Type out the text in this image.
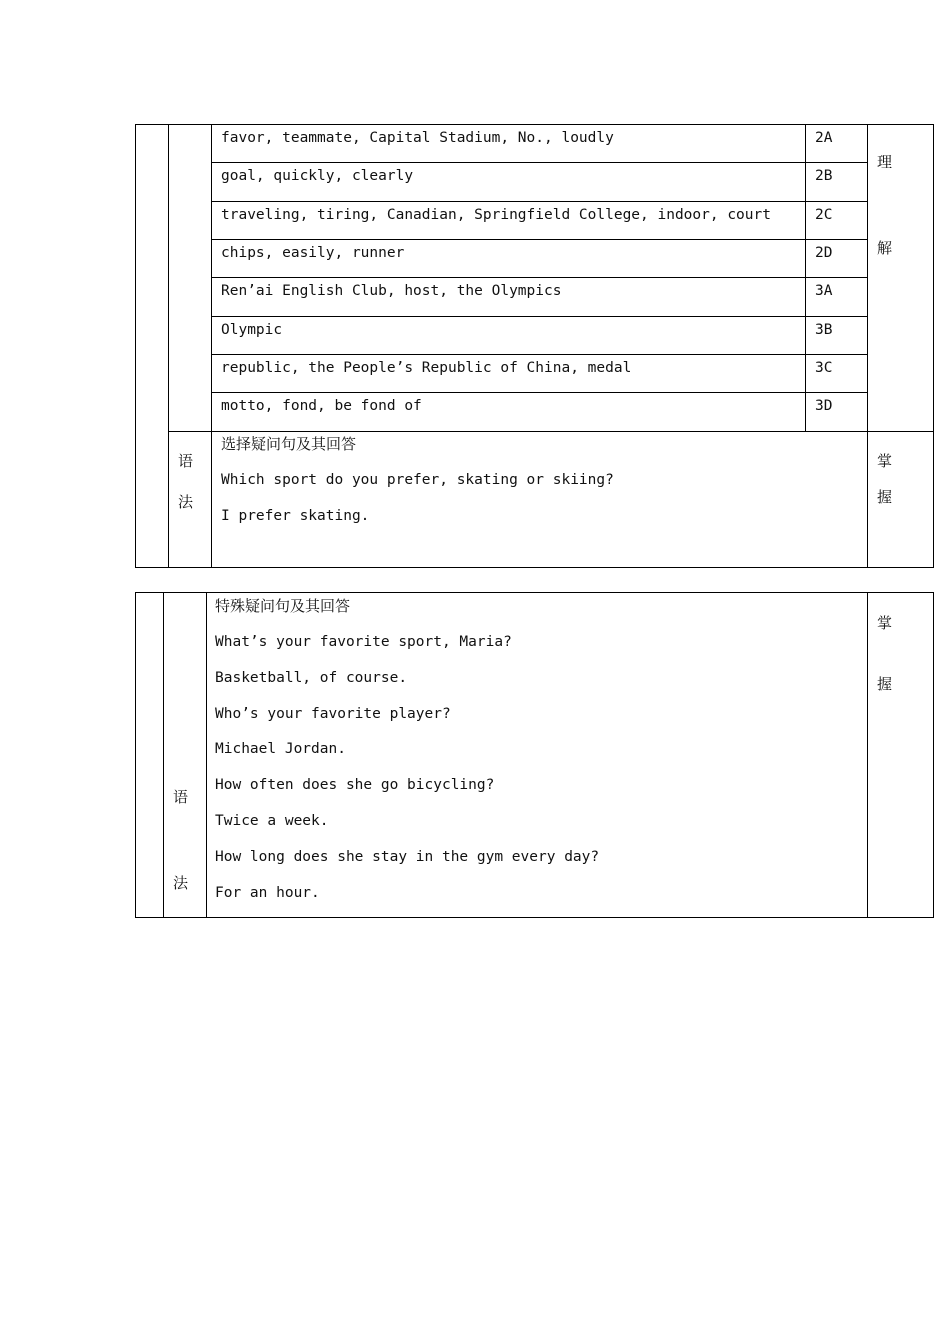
favor, teammate, Capital Stadium, No., loudly	2A
goal, quickly, clearly	2B
traveling, tiring, Canadian, Springfield College, indoor, court	2C
chips, easily, runner	2D
Ren’ai English Club, host, the Olympics	3A
Olympic	3B
republic, the People’s Republic of China, medal	3C
motto, fond, be fond of	3D
理
解
语
法
选择疑问句及其回答
Which sport do you prefer, skating or skiing?
I prefer skating.
掌
握
语
法
特殊疑问句及其回答
What’s your favorite sport, Maria?
Basketball, of course.
Who’s your favorite player?
Michael Jordan.
How often does she go bicycling?
Twice a week.
How long does she stay in the gym every day?
For an hour.
掌
握
